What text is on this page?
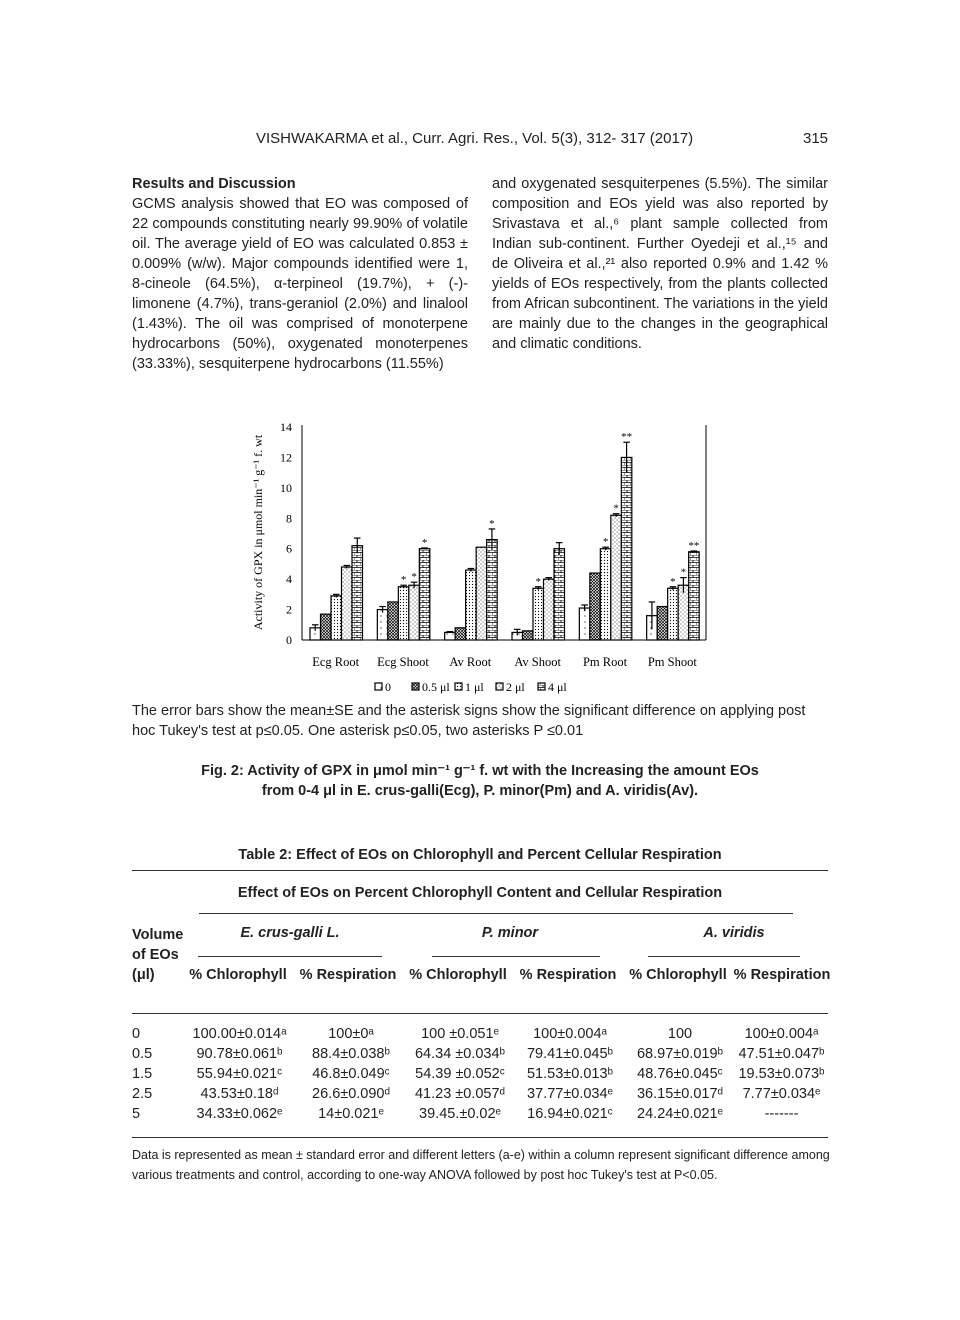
VISHWAKARMA et al., Curr. Agri. Res., Vol. 5(3), 312- 317 (2017)	315

Results and Discussion

GCMS analysis showed that EO was composed of 22 compounds constituting nearly 99.90% of volatile oil. The average yield of EO was calculated 0.853 ± 0.009% (w/w). Major compounds identified were 1, 8-cineole (64.5%), α-terpineol (19.7%), + (-)-limonene (4.7%), trans-geraniol (2.0%) and linalool (1.43%). The oil was comprised of monoterpene hydrocarbons (50%), oxygenated monoterpenes (33.33%), sesquiterpene hydrocarbons (11.55%)

and oxygenated sesquiterpenes (5.5%). The similar composition and EOs yield was also reported by Srivastava et al.,⁶ plant sample collected from Indian sub-continent. Further Oyedeji et al.,¹⁵ and de Oliveira et al.,²¹ also reported 0.9% and 1.42 % yields of EOs respectively, from the plants collected from African subcontinent. The variations in the yield are mainly due to the changes in the geographical and climatic conditions.

0
2
4
6
8
10
12
14
Activity of GPX in μmol min⁻¹ g⁻¹ f. wt
Ecg Root Ecg Shoot
* *
*
Av Root
*
Av Shoot
*
Pm Root
*
*
**
Pm Shoot
*
*
**
0	0.5 μl 1 μl 2 μl 4 μl
The error bars show the mean±SE and the asterisk signs show the significant difference on applying post hoc Tukey's test at p≤0.05. One asterisk p≤0.05, two asterisks P ≤0.01
Fig. 2: Activity of GPX in μmol min⁻¹ g⁻¹ f. wt with the Increasing the amount EOs
from 0-4 μl in E. crus-galli(Ecg), P. minor(Pm) and A. viridis(Av).
Table 2: Effect of EOs on Chlorophyll and Percent Cellular Respiration
Effect of EOs on Percent Chlorophyll Content and Cellular Respiration
Volume of EOs (μl)
E. crus-galli L.	P. minor	A. viridis
% Chlorophyll % Respiration % Chlorophyll % Respiration % Chlorophyll % Respiration
0	100.00±0.014ᵃ	100±0ᵃ	100 ±0.051ᵉ	100±0.004ᵃ	100	100±0.004ᵃ
0.5	90.78±0.061ᵇ	88.4±0.038ᵇ	64.34 ±0.034ᵇ	79.41±0.045ᵇ	68.97±0.019ᵇ	47.51±0.047ᵇ
1.5	55.94±0.021ᶜ	46.8±0.049ᶜ	54.39 ±0.052ᶜ	51.53±0.013ᵇ	48.76±0.045ᶜ	19.53±0.073ᵇ
2.5	43.53±0.18ᵈ	26.6±0.090ᵈ	41.23 ±0.057ᵈ	37.77±0.034ᵉ	36.15±0.017ᵈ	7.77±0.034ᵉ
5	34.33±0.062ᵉ	14±0.021ᵉ	39.45.±0.02ᵉ	16.94±0.021ᶜ	24.24±0.021ᵉ	-------
Data is represented as mean ± standard error and different letters (a-e) within a column represent significant difference among various treatments and control, according to one-way ANOVA followed by post hoc Tukey's test at P<0.05.
